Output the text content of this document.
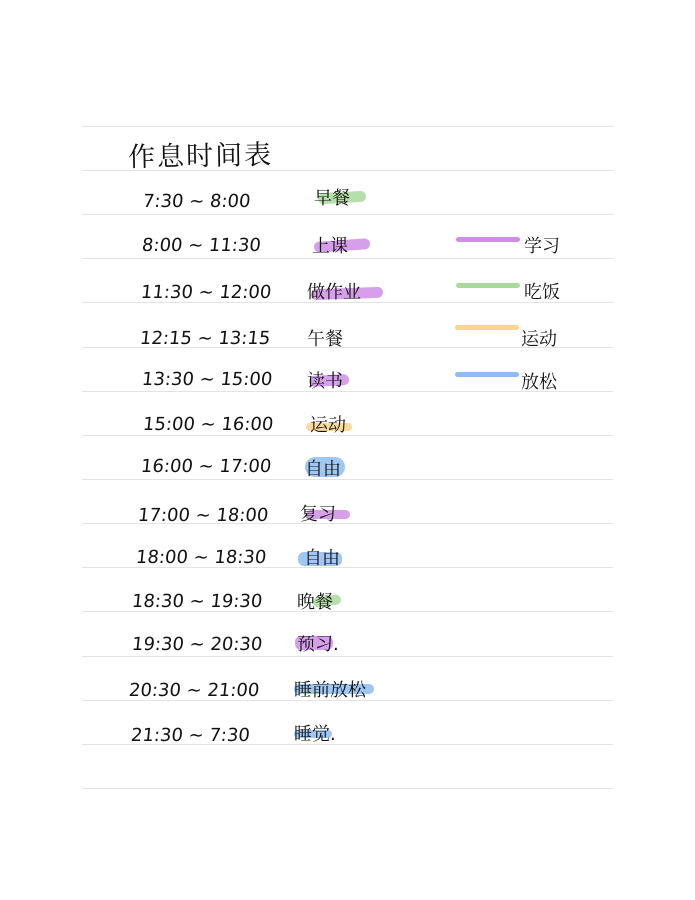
作息时间表
7:30 ~ 8:00	早餐
8:00 ~ 11:30	上课
11:30 ~ 12:00 做作业
12:15 ~ 13:15 午餐
13:30 ~ 15:00 读书
15:00 ~ 16:00 运动
16:00 ~ 17:00 自由
17:00 ~ 18:00 复习
18:00 ~ 18:30 自由
18:30 ~ 19:30 晚餐
19:30 ~ 20:30 预习.
20:30 ~ 21:00 睡前放松
21:30 ~ 7:30 睡觉.
学习
吃饭
运动
放松
